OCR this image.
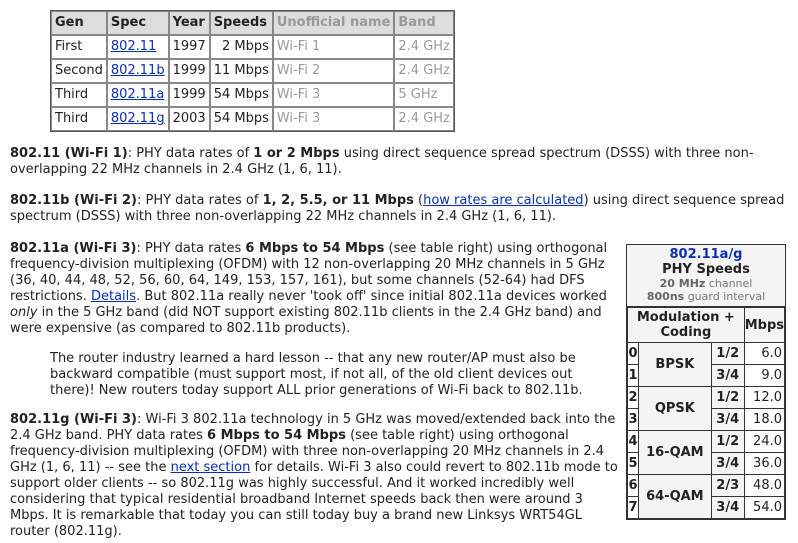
Gen	Spec	Year	Speeds	Unofficial name	Band
First	802.11	1997	2 Mbps	Wi-Fi 1	2.4 GHz
Second	802.11b	1999	11 Mbps	Wi-Fi 2	2.4 GHz
Third	802.11a	1999	54 Mbps	Wi-Fi 3	5 GHz
Third	802.11g	2003	54 Mbps	Wi-Fi 3	2.4 GHz
802.11 (Wi-Fi 1): PHY data rates of 1 or 2 Mbps using direct sequence spread spectrum (DSSS) with three non-overlapping 22 MHz channels in 2.4 GHz (1, 6, 11).
802.11b (Wi-Fi 2): PHY data rates of 1, 2, 5.5, or 11 Mbps (how rates are calculated) using direct sequence spread spectrum (DSSS) with three non-overlapping 22 MHz channels in 2.4 GHz (1, 6, 11).
802.11a (Wi-Fi 3): PHY data rates 6 Mbps to 54 Mbps (see table right) using orthogonal frequency-division multiplexing (OFDM) with 12 non-overlapping 20 MHz channels in 5 GHz (36, 40, 44, 48, 52, 56, 60, 64, 149, 153, 157, 161), but some channels (52-64) had DFS restrictions. Details. But 802.11a really never 'took off' since initial 802.11a devices worked only in the 5 GHz band (did NOT support existing 802.11b clients in the 2.4 GHz band) and were expensive (as compared to 802.11b products).
The router industry learned a hard lesson -- that any new router/AP must also be backward compatible (must support most, if not all, of the old client devices out there)! New routers today support ALL prior generations of Wi-Fi back to 802.11b.
802.11g (Wi-Fi 3): Wi-Fi 3 802.11a technology in 5 GHz was moved/extended back into the 2.4 GHz band. PHY data rates 6 Mbps to 54 Mbps (see table right) using orthogonal frequency-division multiplexing (OFDM) with three non-overlapping 20 MHz channels in 2.4 GHz (1, 6, 11) -- see the next section for details. Wi-Fi 3 also could revert to 802.11b mode to support older clients -- so 802.11g was highly successful. And it worked incredibly well considering that typical residential broadband Internet speeds back then were around 3 Mbps. It is remarkable that today you can still today buy a brand new Linksys WRT54GL router (802.11g).
802.11a/g
PHY Speeds
20 MHz channel
800ns guard interval
Modulation + Coding			Mbps
0	BPSK	1/2	6.0
1		3/4	9.0
2	QPSK	1/2	12.0
3		3/4	18.0
4	16-QAM	1/2	24.0
5		3/4	36.0
6	64-QAM	2/3	48.0
7		3/4	54.0
